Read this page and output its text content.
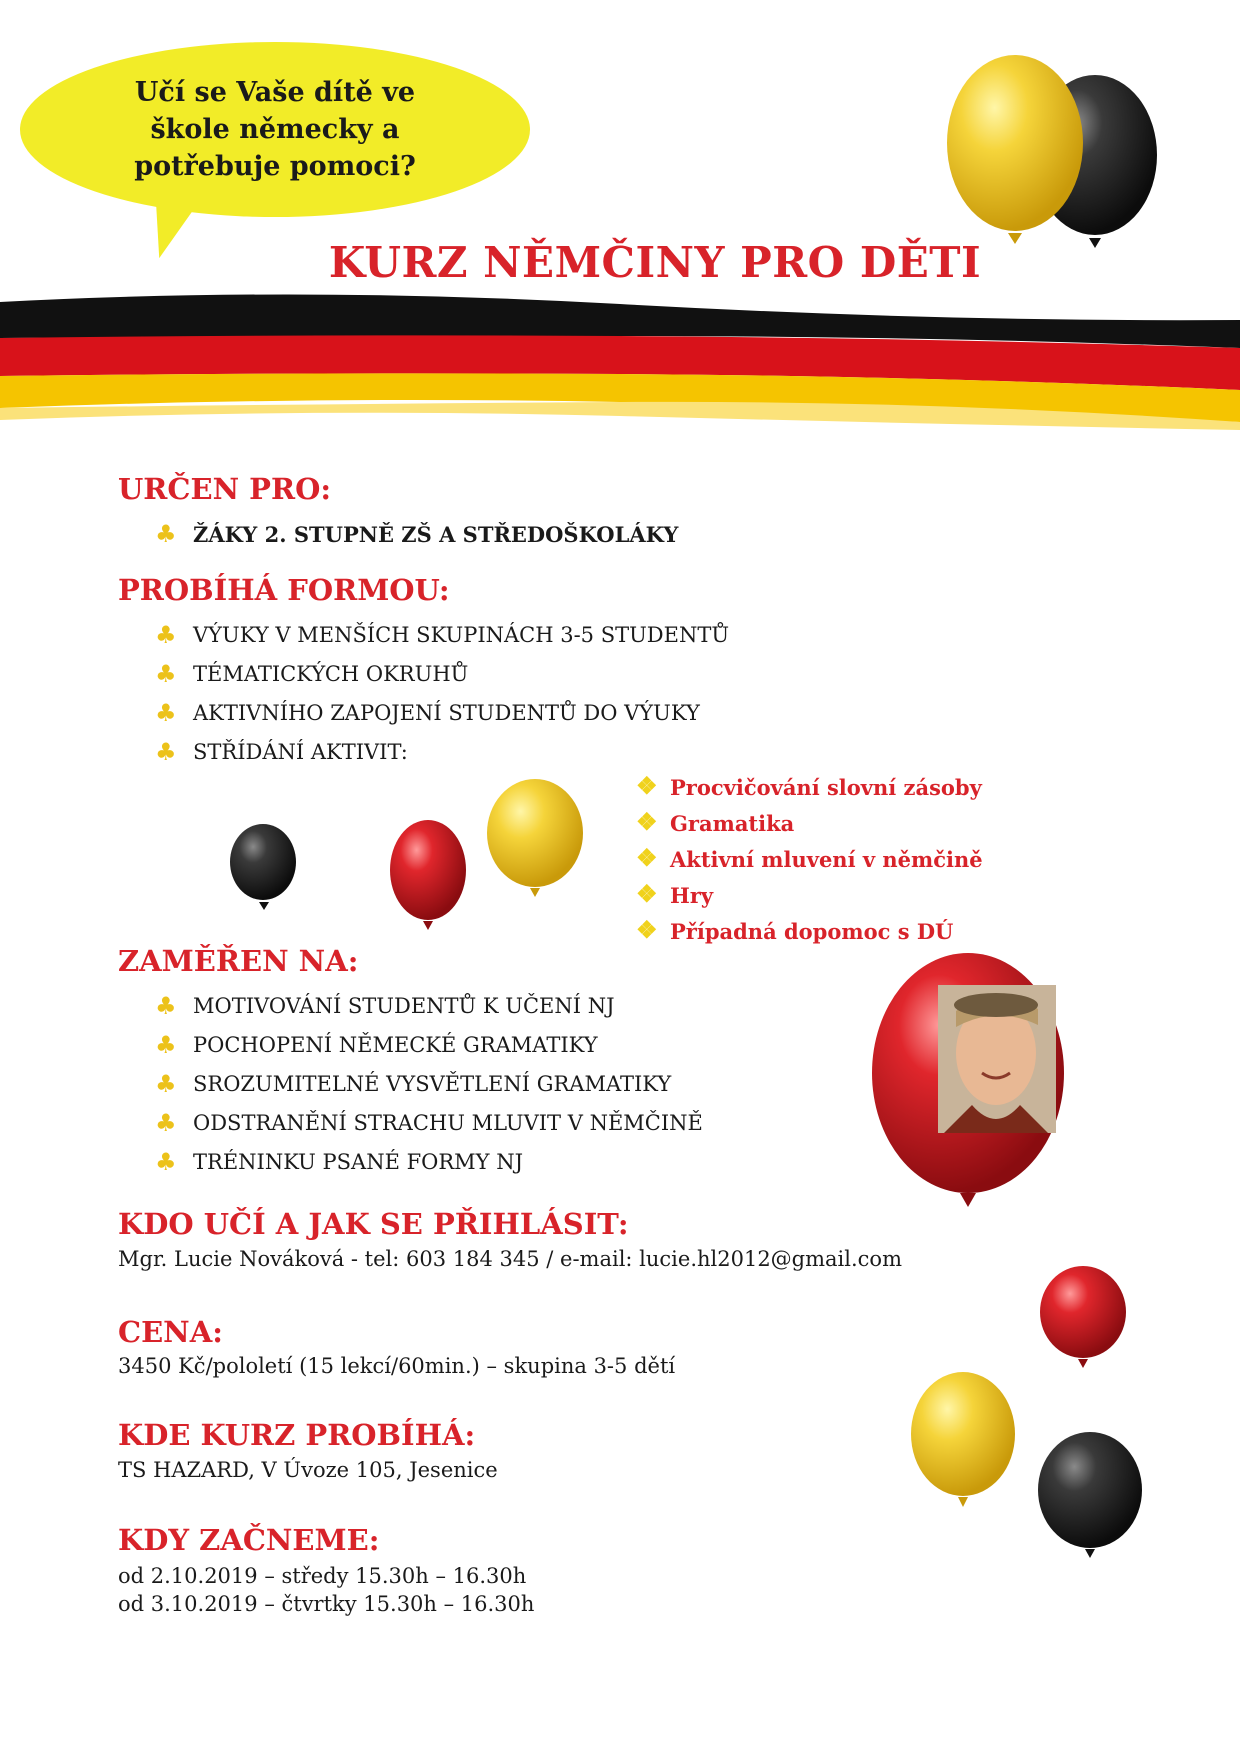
Učí se Vaše dítě ve
škole německy a
potřebuje pomoci?
KURZ NĚMČINY PRO DĚTI
URČEN PRO:
♣ ŽÁKY 2. STUPNĚ ZŠ A STŘEDOŠKOLÁKY
PROBÍHÁ FORMOU:
♣ VÝUKY V MENŠÍCH SKUPINÁCH 3-5 STUDENTŮ
♣ TÉMATICKÝCH OKRUHŮ
♣ AKTIVNÍHO ZAPOJENÍ STUDENTŮ DO VÝUKY
♣ STŘÍDÁNÍ AKTIVIT:
❖ Procvičování slovní zásoby
❖ Gramatika
❖ Aktivní mluvení v němčině
❖ Hry
❖ Případná dopomoc s DÚ
ZAMĚŘEN NA:
♣ MOTIVOVÁNÍ STUDENTŮ K UČENÍ NJ
♣ POCHOPENÍ NĚMECKÉ GRAMATIKY
♣ SROZUMITELNÉ VYSVĚTLENÍ GRAMATIKY
♣ ODSTRANĚNÍ STRACHU MLUVIT V NĚMČINĚ
♣ TRÉNINKU PSANÉ FORMY NJ
KDO UČÍ A JAK SE PŘIHLÁSIT:
Mgr. Lucie Nováková - tel: 603 184 345 / e-mail: lucie.hl2012@gmail.com
CENA:
3450 Kč/pololetí (15 lekcí/60min.) – skupina 3-5 dětí
KDE KURZ PROBÍHÁ:
TS HAZARD, V Úvoze 105, Jesenice
KDY ZAČNEME:
od 2.10.2019 – středy 15.30h – 16.30h
od 3.10.2019 – čtvrtky 15.30h – 16.30h
